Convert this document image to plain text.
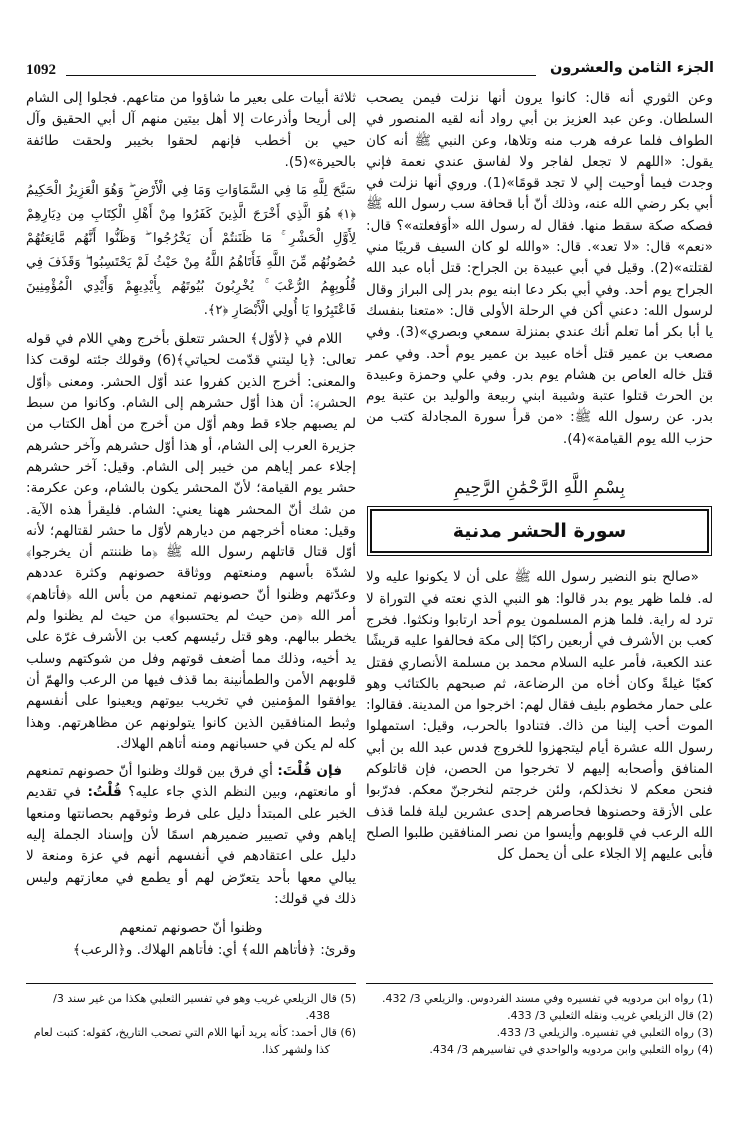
1092	الجزء الثامن والعشرون

وعن الثوري أنه قال: كانوا يرون أنها نزلت فيمن يصحب السلطان. وعن عبد العزيز بن أبي رواد أنه لقيه المنصور في الطواف فلما عرفه هرب منه وتلاها، وعن النبي ﷺ أنه كان يقول: «اللهم لا تجعل لفاجر ولا لفاسق عندي نعمة فإني وجدت فيما أوحيت إلي لا تجد قومًا»(1). وروي أنها نزلت في أبي بكر رضي الله عنه، وذلك أنّ أبا قحافة سب رسول الله ﷺ فصكه صكة سقط منها. فقال له رسول الله «أوَفعلته»؟ قال: «نعم» قال: «لا تعد». قال: «والله لو كان السيف قريبًا مني لقتلته»(2). وقيل في أبي عبيدة بن الجراح: قتل أباه عبد الله الجراح يوم أحد. وفي أبي بكر دعا ابنه يوم بدر إلى البراز وقال لرسول الله: دعني أكن في الرحلة الأولى قال: «متعنا بنفسك يا أبا بكر أما تعلم أنك عندي بمنزلة سمعي وبصري»(3). وفي مصعب بن عمير قتل أخاه عبيد بن عمير يوم أحد. وفي عمر قتل خاله العاص بن هشام يوم بدر. وفي علي وحمزة وعبيدة بن الحرث قتلوا عتبة وشيبة ابني ربيعة والوليد بن عتبة يوم بدر. عن رسول الله ﷺ: «من قرأ سورة المجادلة كتب من حزب الله يوم القيامة»(4).

بِسْمِ اللَّهِ الرَّحْمَٰنِ الرَّحِيمِ
سورة الحشر مدنية

«صالح بنو النضير رسول الله ﷺ على أن لا يكونوا عليه ولا له. فلما ظهر يوم بدر قالوا: هو النبي الذي نعته في التوراة لا ترد له راية. فلما هزم المسلمون يوم أحد ارتابوا ونكثوا. فخرج كعب بن الأشرف في أربعين راكبًا إلى مكة فحالفوا عليه قريشًا عند الكعبة، فأمر عليه السلام محمد بن مسلمة الأنصاري فقتل كعبًا غيلةً وكان أخاه من الرضاعة، ثم صبحهم بالكتائب وهو على حمار مخطوم بليف فقال لهم: اخرجوا من المدينة. فقالوا: الموت أحب إلينا من ذاك. فتنادوا بالحرب، وقيل: استمهلوا رسول الله عشرة أيام ليتجهزوا للخروج فدس عبد الله بن أبي المنافق وأصحابه إليهم لا تخرجوا من الحصن، فإن قاتلوكم فنحن معكم لا نخذلكم، ولئن خرجتم لنخرجنّ معكم. فدرّبوا على الأزقة وحصنوها فحاصرهم إحدى عشرين ليلة فلما قذف الله الرعب في قلوبهم وأيسوا من نصر المنافقين طلبوا الصلح فأبى عليهم إلا الجلاء على أن يحمل كل

ثلاثة أبيات على بعير ما شاؤوا من متاعهم. فجلوا إلى الشام إلى أريحا وأذرعات إلا أهل بيتين منهم آل أبي الحقيق وآل حيي بن أخطب فإنهم لحقوا بخيبر ولحقت طائفة بالحيرة»(5).

سَبَّحَ لِلَّهِ مَا فِي السَّمَاوَاتِ وَمَا فِي الْأَرْضِ ۖ وَهُوَ الْعَزِيزُ الْحَكِيمُ ﴿١﴾ هُوَ الَّذِي أَخْرَجَ الَّذِينَ كَفَرُوا مِنْ أَهْلِ الْكِتَابِ مِن دِيَارِهِمْ لِأَوَّلِ الْحَشْرِ ۚ مَا ظَنَنتُمْ أَن يَخْرُجُوا ۖ وَظَنُّوا أَنَّهُم مَّانِعَتُهُمْ حُصُونُهُم مِّنَ اللَّهِ فَأَتَاهُمُ اللَّهُ مِنْ حَيْثُ لَمْ يَحْتَسِبُوا ۖ وَقَذَفَ فِي قُلُوبِهِمُ الرُّعْبَ ۚ يُخْرِبُونَ بُيُوتَهُم بِأَيْدِيهِمْ وَأَيْدِي الْمُؤْمِنِينَ فَاعْتَبِرُوا يَا أُولِي الْأَبْصَارِ ﴿٢﴾.

اللام في ﴿لأوّل﴾ الحشر تتعلق بأخرج وهي اللام في قوله تعالى: ﴿يا ليتني قدّمت لحياتي﴾(6) وقولك جئته لوقت كذا والمعنى: أخرج الذين كفروا عند أوّل الحشر. ومعنى ﴿أوّل الحشر﴾: أن هذا أوّل حشرهم إلى الشام. وكانوا من سبط لم يصبهم جلاء قط وهم أوّل من أخرج من أهل الكتاب من جزيرة العرب إلى الشام، أو هذا أوّل حشرهم وآخر حشرهم إجلاء عمر إياهم من خيبر إلى الشام. وقيل: آخر حشرهم حشر يوم القيامة؛ لأنّ المحشر يكون بالشام، وعن عكرمة: من شك أنّ المحشر ههنا يعني: الشام. فليقرأ هذه الآية. وقيل: معناه أخرجهم من ديارهم لأوّل ما حشر لقتالهم؛ لأنه أوّل قتال قاتلهم رسول الله ﷺ ﴿ما ظننتم أن يخرجوا﴾ لشدّة بأسهم ومنعتهم ووثاقة حصونهم وكثرة عددهم وعدّتهم وظنوا أنّ حصونهم تمنعهم من بأس الله ﴿فأتاهم﴾ أمر الله ﴿من حيث لم يحتسبوا﴾ من حيث لم يظنوا ولم يخطر ببالهم. وهو قتل رئيسهم كعب بن الأشرف غرّة على يد أخيه، وذلك مما أضعف قوتهم وفل من شوكتهم وسلب قلوبهم الأمن والطمأنينة بما قذف فيها من الرعب والهمّ أن يوافقوا المؤمنين في تخريب بيوتهم ويعينوا على أنفسهم وثبط المنافقين الذين كانوا يتولونهم عن مظاهرتهم. وهذا كله لم يكن في حسبانهم ومنه أتاهم الهلاك.

فإن قُلْتَ: أي فرق بين قولك وظنوا أنّ حصونهم تمنعهم أو مانعتهم، وبين النظم الذي جاء عليه؟ قُلْتُ: في تقديم الخبر على المبتدأ دليل على فرط وثوقهم بحصانتها ومنعها إياهم وفي تصيير ضميرهم اسمًا لأن وإسناد الجملة إليه دليل على اعتقادهم في أنفسهم أنهم في عزة ومنعة لا يبالي معها بأحد يتعرّض لهم أو يطمع في معازتهم وليس ذلك في قولك:

وظنوا أنّ حصونهم تمنعهم

وقرئ: ﴿فأتاهم الله﴾ أي: فأتاهم الهلاك. و﴿الرعب﴾

(1) رواه ابن مردويه في تفسيره وفي مسند الفردوس. والزيلعي 3/ 432.
(2) قال الزيلعي غريب ونقله الثعلبي 3/ 433.
(3) رواه الثعلبي في تفسيره. والزيلعي 3/ 433.
(4) رواه الثعلبي وابن مردويه والواحدي في تفاسيرهم 3/ 434.
(5) قال الزيلعي غريب وهو في تفسير الثعلبي هكذا من غير سند 3/ 438.
(6) قال أحمد: كأنه يريد أنها اللام التي تصحب التاريخ، كقوله: كتبت لعام كذا ولشهر كذا.
